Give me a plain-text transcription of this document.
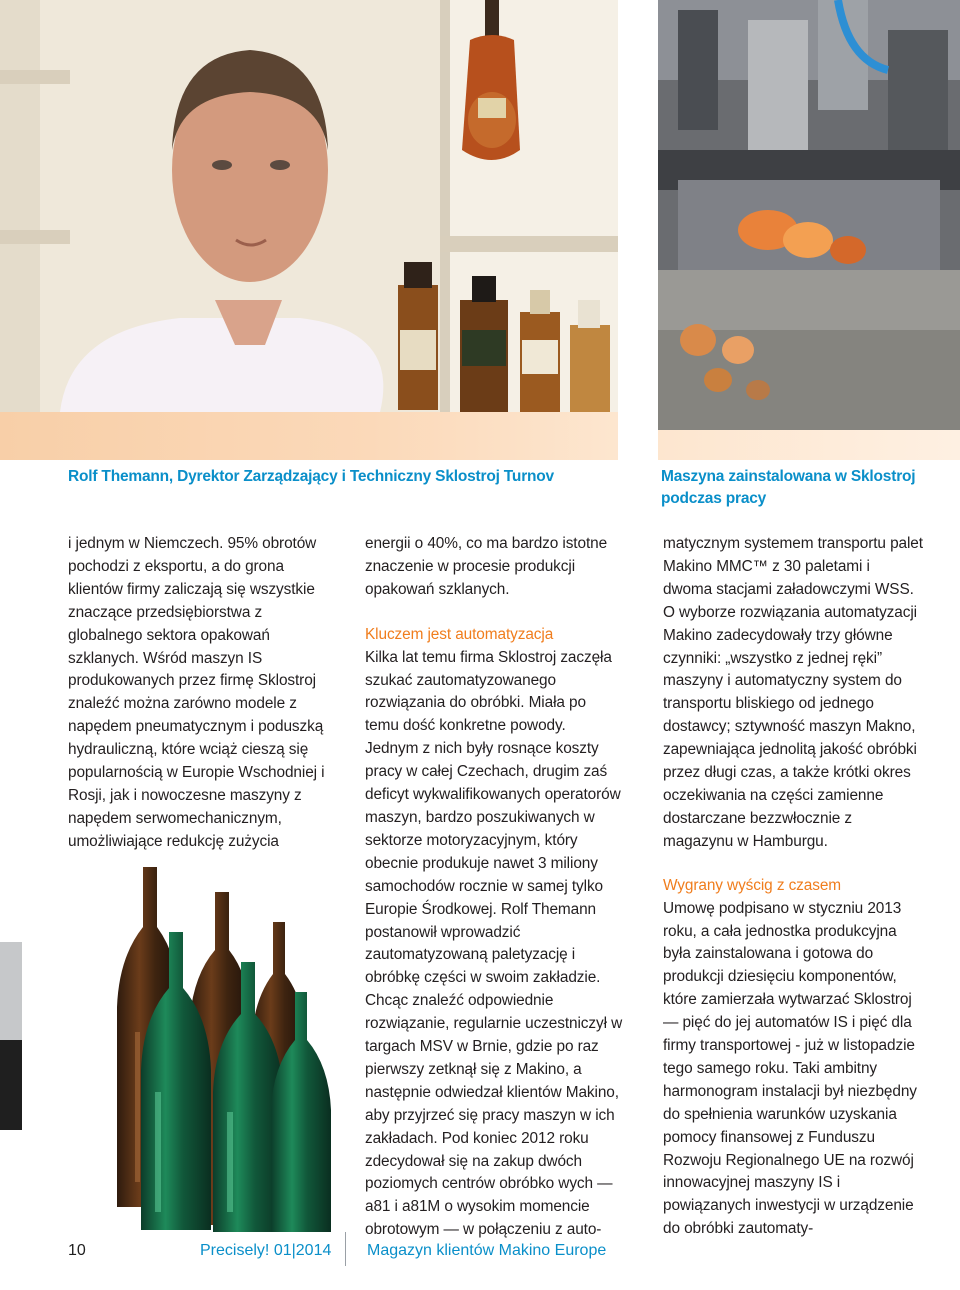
Rolf Themann, Dyrektor Zarządzający i Techniczny Sklostroj Turnov	Maszyna zainstalowana w Sklostroj
podczas pracy

i jednym w Niemczech. 95% obrotów pochodzi z eksportu, a do grona klientów firmy zaliczają się wszystkie znaczące przedsiębiorstwa z globalnego sektora opakowań szklanych. Wśród maszyn IS produkowanych przez firmę Sklostroj znaleźć można zarówno modele z napędem pneumatycznym i poduszką hydrauliczną, które wciąż cieszą się popularnością w Europie Wschodniej i Rosji, jak i nowoczesne maszyny z napędem serwomechanicznym, umożliwiające redukcję zużycia

energii o 40%, co ma bardzo istotne znaczenie w procesie produkcji opakowań szklanych.

Kluczem jest automatyzacja

Kilka lat temu firma Sklostroj zaczęła szukać zautomatyzowanego rozwiązania do obróbki. Miała po temu dość konkretne powody. Jednym z nich były rosnące koszty pracy w całej Czechach, drugim zaś deficyt wykwalifikowanych operatorów maszyn, bardzo poszukiwanych w sektorze motoryzacyjnym, który obecnie produkuje nawet 3 miliony samochodów rocznie w samej tylko Europie Środkowej. Rolf Themann postanowił wprowadzić zautomatyzowaną paletyzację i obróbkę części w swoim zakładzie. Chcąc znaleźć odpowiednie rozwiązanie, regularnie uczestniczył w targach MSV w Brnie, gdzie po raz pierwszy zetknął się z Makino, a następnie odwiedzał klientów Makino, aby przyjrzeć się pracy maszyn w ich zakładach. Pod koniec 2012 roku zdecydował się na zakup dwóch poziomych centrów obróbko wych — a81 i a81M o wysokim momencie obrotowym — w połączeniu z auto-

matycznym systemem transportu palet Makino MMC™ z 30 paletami i dwoma stacjami załadowczymi WSS. O wyborze rozwiązania automatyzacji Makino zadecydowały trzy główne czynniki: „wszystko z jednej ręki” maszyny i automatyczny system do transportu bliskiego od jednego dostawcy; sztywność maszyn Makno, zapewniająca jednolitą jakość obróbki przez długi czas, a także krótki okres oczekiwania na części zamienne dostarczane bezzwłocznie z magazynu w Hamburgu.

Wygrany wyścig z czasem

Umowę podpisano w styczniu 2013 roku, a cała jednostka produkcyjna była zainstalowana i gotowa do produkcji dziesięciu komponentów, które zamierzała wytwarzać Sklostroj — pięć do jej automatów IS i pięć dla firmy transportowej - już w listopadzie tego samego roku. Taki ambitny harmonogram instalacji był niezbędny do spełnienia warunków uzyskania pomocy finansowej z Funduszu Rozwoju Regionalnego UE na rozwój innowacyjnej maszyny IS i powiązanych inwestycji w urządzenie do obróbki zautomaty-

10	Precisely! 01|2014 Magazyn klientów Makino Europe
